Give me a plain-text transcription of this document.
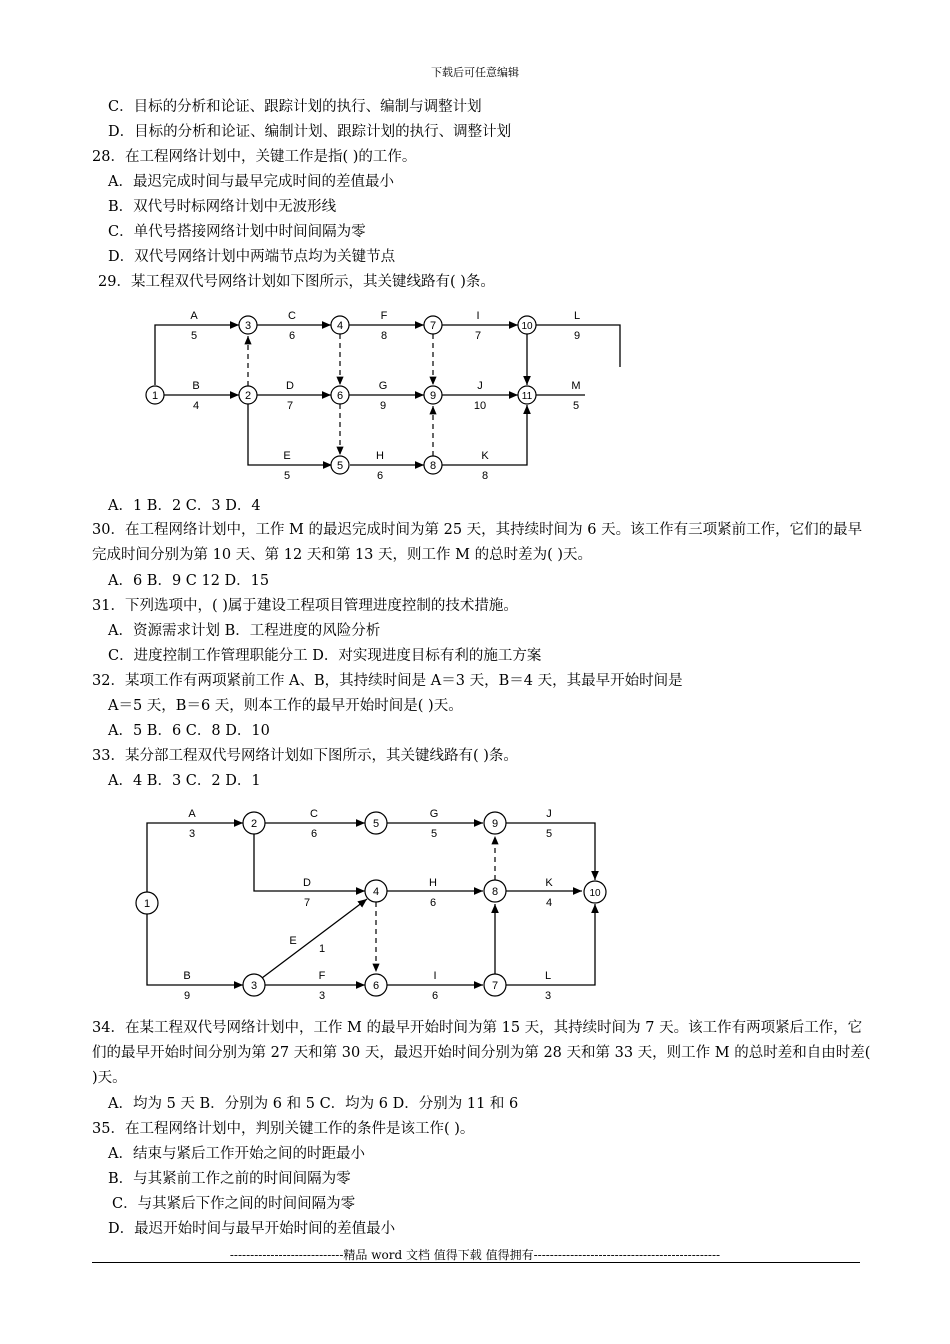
下载后可任意编辑
C．目标的分析和论证、跟踪计划的执行、编制与调整计划
D．目标的分析和论证、编制计划、跟踪计划的执行、调整计划
28．在工程网络计划中，关键工作是指( )的工作。
A．最迟完成时间与最早完成时间的差值最小
B．双代号时标网络计划中无波形线
C．单代号搭接网络计划中时间间隔为零
D．双代号网络计划中两端节点均为关键节点
29．某工程双代号网络计划如下图所示，其关键线路有( )条。
1	2
3	4
5
6
7
8
9
10
11
A
5
C
6
F
8
I
7
L
9
B
4
D
7
G
9
J
10
M
5
E
5
H
6
K
8
A．1 B．2 C．3 D．4
30．在工程网络计划中，工作 M 的最迟完成时间为第 25 天，其持续时间为 6 天。该工作有三项紧前工作，它们的最早完成时间分别为第 10 天、第 12 天和第 13 天，则工作 M 的总时差为( )天。
A．6 B．9 C 12 D．15
31．下列选项中，( )属于建设工程项目管理进度控制的技术措施。
A．资源需求计划 B．工程进度的风险分析
C．进度控制工作管理职能分工 D．对实现进度目标有利的施工方案
32．某项工作有两项紧前工作 A、B，其持续时间是 A＝3 天，B＝4 天，其最早开始时间是
A＝5 天，B＝6 天，则本工作的最早开始时间是( )天。
A．5 B．6 C．8 D．10
33．某分部工程双代号网络计划如下图所示，其关键线路有( )条。
A．4 B．3 C．2 D．1
1
2
3
4
5
6	7
8
9
10
A
3
C
6
G
5
J
5
D
7
H
6
K
4
E
1
B
9
F
3
I
6
L
3
34．在某工程双代号网络计划中，工作 M 的最早开始时间为第 15 天，其持续时间为 7 天。该工作有两项紧后工作，它们的最早开始时间分别为第 27 天和第 30 天，最迟开始时间分别为第 28 天和第 33 天，则工作 M 的总时差和自由时差( )天。
A．均为 5 天 B．分别为 6 和 5 C．均为 6 D．分别为 11 和 6
35．在工程网络计划中，判别关键工作的条件是该工作( )。
A．结束与紧后工作开始之间的时距最小
B．与其紧前工作之前的时间间隔为零
C．与其紧后下作之间的时间间隔为零
D．最迟开始时间与最早开始时间的差值最小
----------------------------精品 word 文档 值得下载 值得拥有----------------------------------------------
